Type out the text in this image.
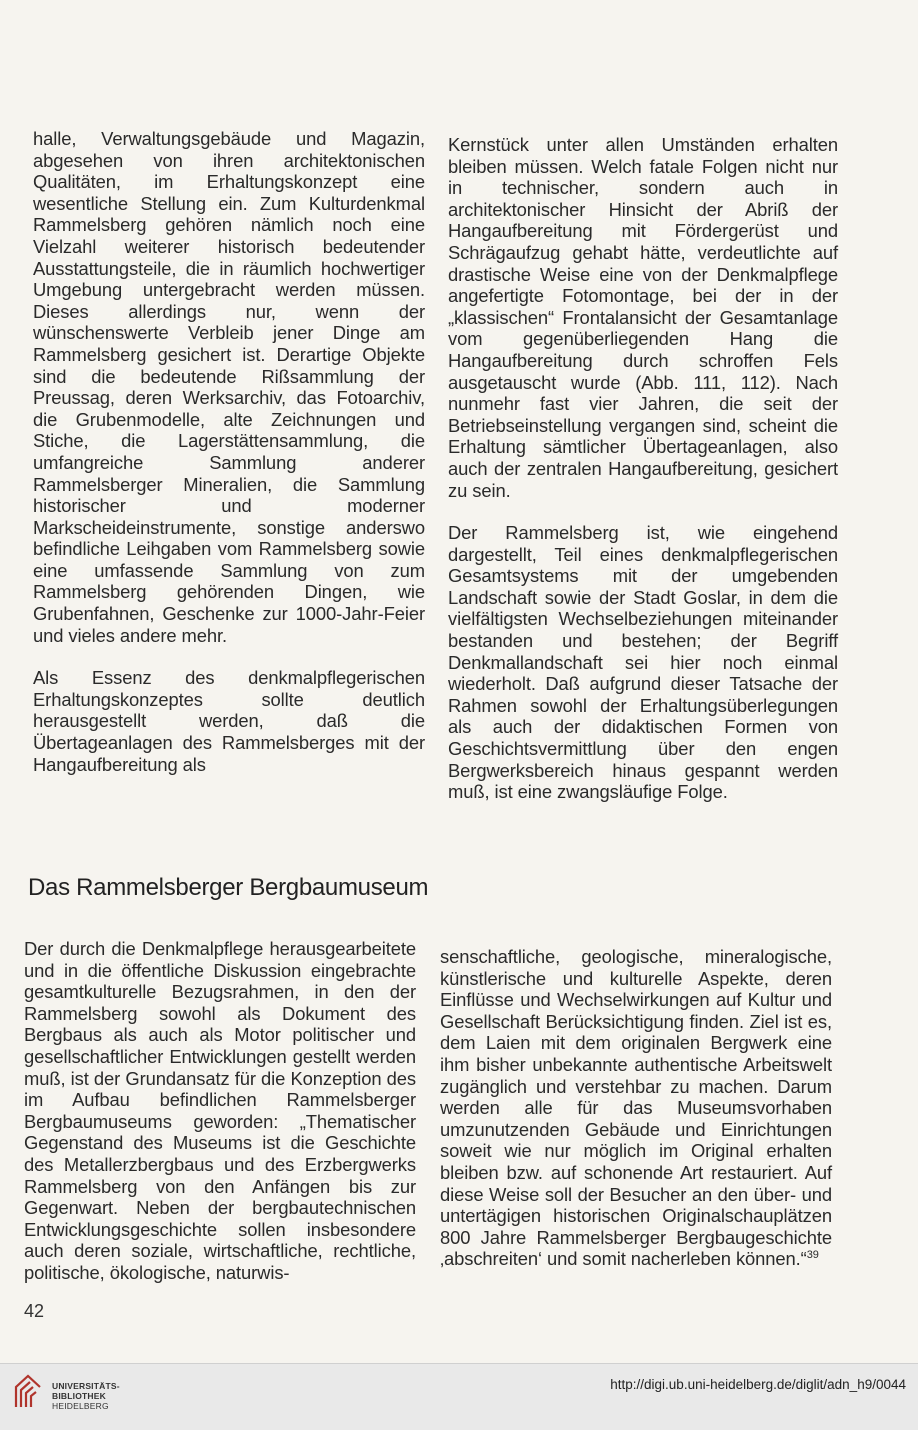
halle, Verwaltungsgebäude und Magazin, abgesehen von ihren architektonischen Qualitäten, im Erhaltungskonzept eine wesentliche Stellung ein. Zum Kulturdenkmal Rammelsberg gehören nämlich noch eine Vielzahl weiterer historisch bedeutender Ausstattungsteile, die in räumlich hochwertiger Umgebung untergebracht werden müssen. Dieses allerdings nur, wenn der wünschenswerte Verbleib jener Dinge am Rammelsberg gesichert ist. Derartige Objekte sind die bedeutende Rißsammlung der Preussag, deren Werksarchiv, das Fotoarchiv, die Grubenmodelle, alte Zeichnungen und Stiche, die Lagerstättensammlung, die umfangreiche Sammlung anderer Rammelsberger Mineralien, die Sammlung historischer und moderner Markscheideinstrumente, sonstige anderswo befindliche Leihgaben vom Rammelsberg sowie eine umfassende Sammlung von zum Rammelsberg gehörenden Dingen, wie Grubenfahnen, Geschenke zur 1000-Jahr-Feier und vieles andere mehr.

Als Essenz des denkmalpflegerischen Erhaltungskonzeptes sollte deutlich herausgestellt werden, daß die Übertageanlagen des Rammelsberges mit der Hangaufbereitung als

Kernstück unter allen Umständen erhalten bleiben müssen. Welch fatale Folgen nicht nur in technischer, sondern auch in architektonischer Hinsicht der Abriß der Hangaufbereitung mit Fördergerüst und Schrägaufzug gehabt hätte, verdeutlichte auf drastische Weise eine von der Denkmalpflege angefertigte Fotomontage, bei der in der „klassischen“ Frontalansicht der Gesamtanlage vom gegenüberliegenden Hang die Hangaufbereitung durch schroffen Fels ausgetauscht wurde (Abb. 111, 112). Nach nunmehr fast vier Jahren, die seit der Betriebseinstellung vergangen sind, scheint die Erhaltung sämtlicher Übertageanlagen, also auch der zentralen Hangaufbereitung, gesichert zu sein.

Der Rammelsberg ist, wie eingehend dargestellt, Teil eines denkmalpflegerischen Gesamtsystems mit der umgebenden Landschaft sowie der Stadt Goslar, in dem die vielfältigsten Wechselbeziehungen miteinander bestanden und bestehen; der Begriff Denkmallandschaft sei hier noch einmal wiederholt. Daß aufgrund dieser Tatsache der Rahmen sowohl der Erhaltungsüberlegungen als auch der didaktischen Formen von Geschichtsvermittlung über den engen Bergwerksbereich hinaus gespannt werden muß, ist eine zwangsläufige Folge.

Das Rammelsberger Bergbaumuseum

Der durch die Denkmalpflege herausgearbeitete und in die öffentliche Diskussion eingebrachte gesamtkulturelle Bezugsrahmen, in den der Rammelsberg sowohl als Dokument des Bergbaus als auch als Motor politischer und gesellschaftlicher Entwicklungen gestellt werden muß, ist der Grundansatz für die Konzeption des im Aufbau befindlichen Rammelsberger Bergbaumuseums geworden: „Thematischer Gegenstand des Museums ist die Geschichte des Metallerzbergbaus und des Erzbergwerks Rammelsberg von den Anfängen bis zur Gegenwart. Neben der bergbautechnischen Entwicklungsgeschichte sollen insbesondere auch deren soziale, wirtschaftliche, rechtliche, politische, ökologische, naturwis-

senschaftliche, geologische, mineralogische, künstlerische und kulturelle Aspekte, deren Einflüsse und Wechselwirkungen auf Kultur und Gesellschaft Berücksichtigung finden. Ziel ist es, dem Laien mit dem originalen Bergwerk eine ihm bisher unbekannte authentische Arbeitswelt zugänglich und verstehbar zu machen. Darum werden alle für das Museumsvorhaben umzunutzenden Gebäude und Einrichtungen soweit wie nur möglich im Original erhalten bleiben bzw. auf schonende Art restauriert. Auf diese Weise soll der Besucher an den über- und untertägigen historischen Originalschauplätzen 800 Jahre Rammelsberger Bergbaugeschichte ‚abschreiten‘ und somit nacherleben können.“$^{39}$

42
UNIVERSITÄTS-
BIBLIOTHEK
HEIDELBERG
http://digi.ub.uni-heidelberg.de/diglit/adn_h9/0044
